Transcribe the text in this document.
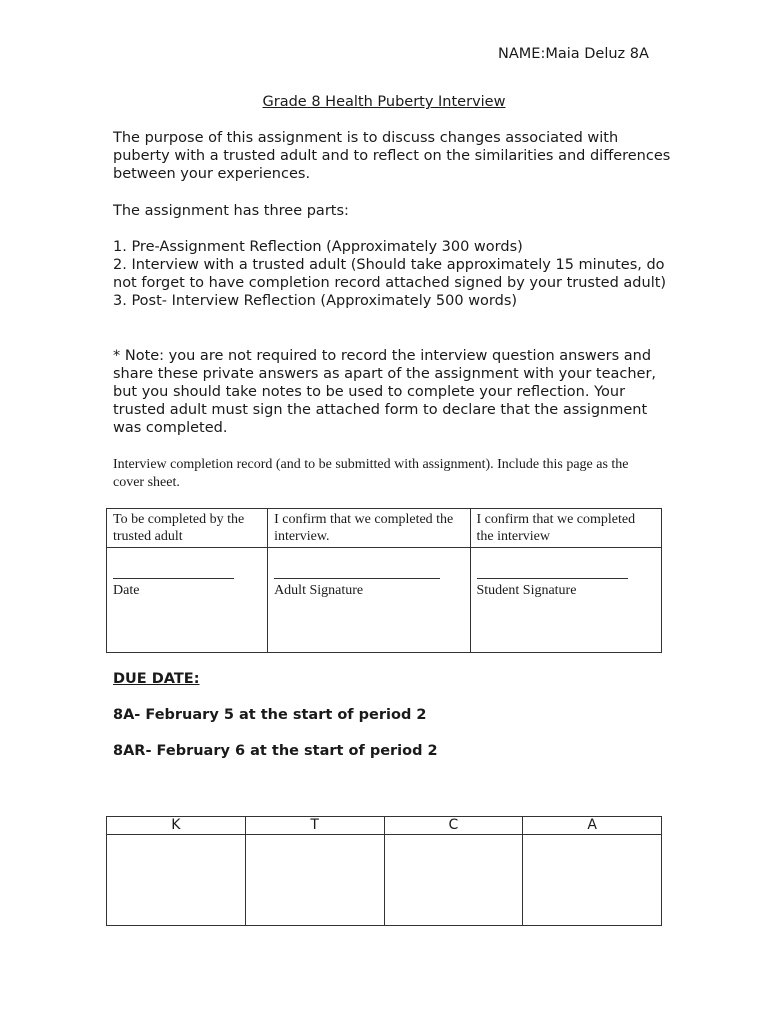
NAME:Maia Deluz 8A
Grade 8 Health Puberty Interview

The purpose of this assignment is to discuss changes associated with puberty with a trusted adult and to reflect on the similarities and differences between your experiences.

The assignment has three parts:

1. Pre-Assignment Reflection (Approximately 300 words)

2. Interview with a trusted adult (Should take approximately 15 minutes, do not forget to have completion record attached signed by your trusted adult)

3. Post- Interview Reflection (Approximately 500 words)

* Note: you are not required to record the interview question answers and share these private answers as apart of the assignment with your teacher, but you should take notes to be used to complete your reflection. Your trusted adult must sign the attached form to declare that the assignment was completed.

Interview completion record (and to be submitted with assignment). Include this page as the cover sheet.
To be completed by the trusted adult	I confirm that we completed the interview.	I confirm that we completed the interview

Date	Adult Signature	Student Signature
DUE DATE:
8A- February 5 at the start of period 2
8AR- February 6 at the start of period 2
K	T	C	A
